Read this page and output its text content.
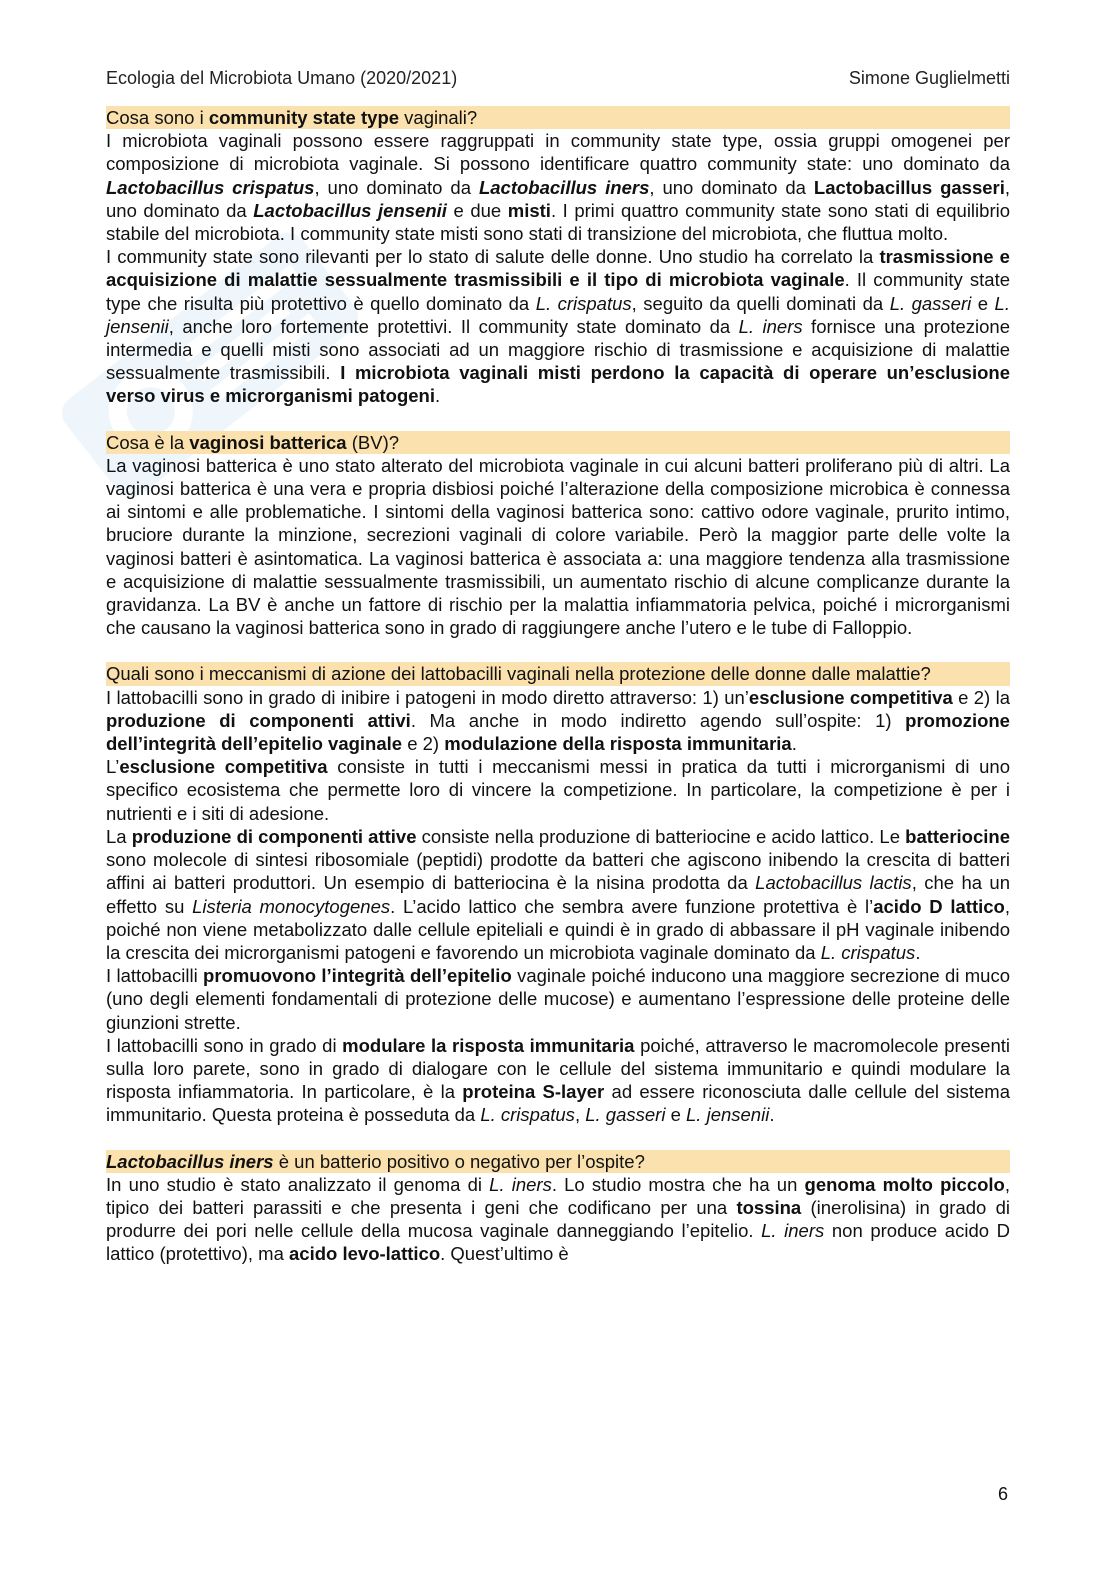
Ecologia del Microbiota Umano (2020/2021)	Simone Guglielmetti

Cosa sono i community state type vaginali?

I microbiota vaginali possono essere raggruppati in community state type, ossia gruppi omogenei per composizione di microbiota vaginale. Si possono identificare quattro community state: uno dominato da Lactobacillus crispatus, uno dominato da Lactobacillus iners, uno dominato da Lactobacillus gasseri, uno dominato da Lactobacillus jensenii e due misti. I primi quattro community state sono stati di equilibrio stabile del microbiota. I community state misti sono stati di transizione del microbiota, che fluttua molto.

I community state sono rilevanti per lo stato di salute delle donne. Uno studio ha correlato la trasmissione e acquisizione di malattie sessualmente trasmissibili e il tipo di microbiota vaginale. Il community state type che risulta più protettivo è quello dominato da L. crispatus, seguito da quelli dominati da L. gasseri e L. jensenii, anche loro fortemente protettivi. Il community state dominato da L. iners fornisce una protezione intermedia e quelli misti sono associati ad un maggiore rischio di trasmissione e acquisizione di malattie sessualmente trasmissibili. I microbiota vaginali misti perdono la capacità di operare un’esclusione verso virus e microrganismi patogeni.

Cosa è la vaginosi batterica (BV)?

La vaginosi batterica è uno stato alterato del microbiota vaginale in cui alcuni batteri proliferano più di altri. La vaginosi batterica è una vera e propria disbiosi poiché l’alterazione della composizione microbica è connessa ai sintomi e alle problematiche. I sintomi della vaginosi batterica sono: cattivo odore vaginale, prurito intimo, bruciore durante la minzione, secrezioni vaginali di colore variabile. Però la maggior parte delle volte la vaginosi batteri è asintomatica. La vaginosi batterica è associata a: una maggiore tendenza alla trasmissione e acquisizione di malattie sessualmente trasmissibili, un aumentato rischio di alcune complicanze durante la gravidanza. La BV è anche un fattore di rischio per la malattia infiammatoria pelvica, poiché i microrganismi che causano la vaginosi batterica sono in grado di raggiungere anche l’utero e le tube di Falloppio.

Quali sono i meccanismi di azione dei lattobacilli vaginali nella protezione delle donne dalle malattie?

I lattobacilli sono in grado di inibire i patogeni in modo diretto attraverso: 1) un’esclusione competitiva e 2) la produzione di componenti attivi. Ma anche in modo indiretto agendo sull’ospite: 1) promozione dell’integrità dell’epitelio vaginale e 2) modulazione della risposta immunitaria.

L’esclusione competitiva consiste in tutti i meccanismi messi in pratica da tutti i microrganismi di uno specifico ecosistema che permette loro di vincere la competizione. In particolare, la competizione è per i nutrienti e i siti di adesione.

La produzione di componenti attive consiste nella produzione di batteriocine e acido lattico. Le batteriocine sono molecole di sintesi ribosomiale (peptidi) prodotte da batteri che agiscono inibendo la crescita di batteri affini ai batteri produttori. Un esempio di batteriocina è la nisina prodotta da Lactobacillus lactis, che ha un effetto su Listeria monocytogenes. L’acido lattico che sembra avere funzione protettiva è l’acido D lattico, poiché non viene metabolizzato dalle cellule epiteliali e quindi è in grado di abbassare il pH vaginale inibendo la crescita dei microrganismi patogeni e favorendo un microbiota vaginale dominato da L. crispatus.

I lattobacilli promuovono l’integrità dell’epitelio vaginale poiché inducono una maggiore secrezione di muco (uno degli elementi fondamentali di protezione delle mucose) e aumentano l’espressione delle proteine delle giunzioni strette.

I lattobacilli sono in grado di modulare la risposta immunitaria poiché, attraverso le macromolecole presenti sulla loro parete, sono in grado di dialogare con le cellule del sistema immunitario e quindi modulare la risposta infiammatoria. In particolare, è la proteina S-layer ad essere riconosciuta dalle cellule del sistema immunitario. Questa proteina è posseduta da L. crispatus, L. gasseri e L. jensenii.

Lactobacillus iners è un batterio positivo o negativo per l’ospite?

In uno studio è stato analizzato il genoma di L. iners. Lo studio mostra che ha un genoma molto piccolo, tipico dei batteri parassiti e che presenta i geni che codificano per una tossina (inerolisina) in grado di produrre dei pori nelle cellule della mucosa vaginale danneggiando l’epitelio. L. iners non produce acido D lattico (protettivo), ma acido levo-lattico. Quest’ultimo è

6
